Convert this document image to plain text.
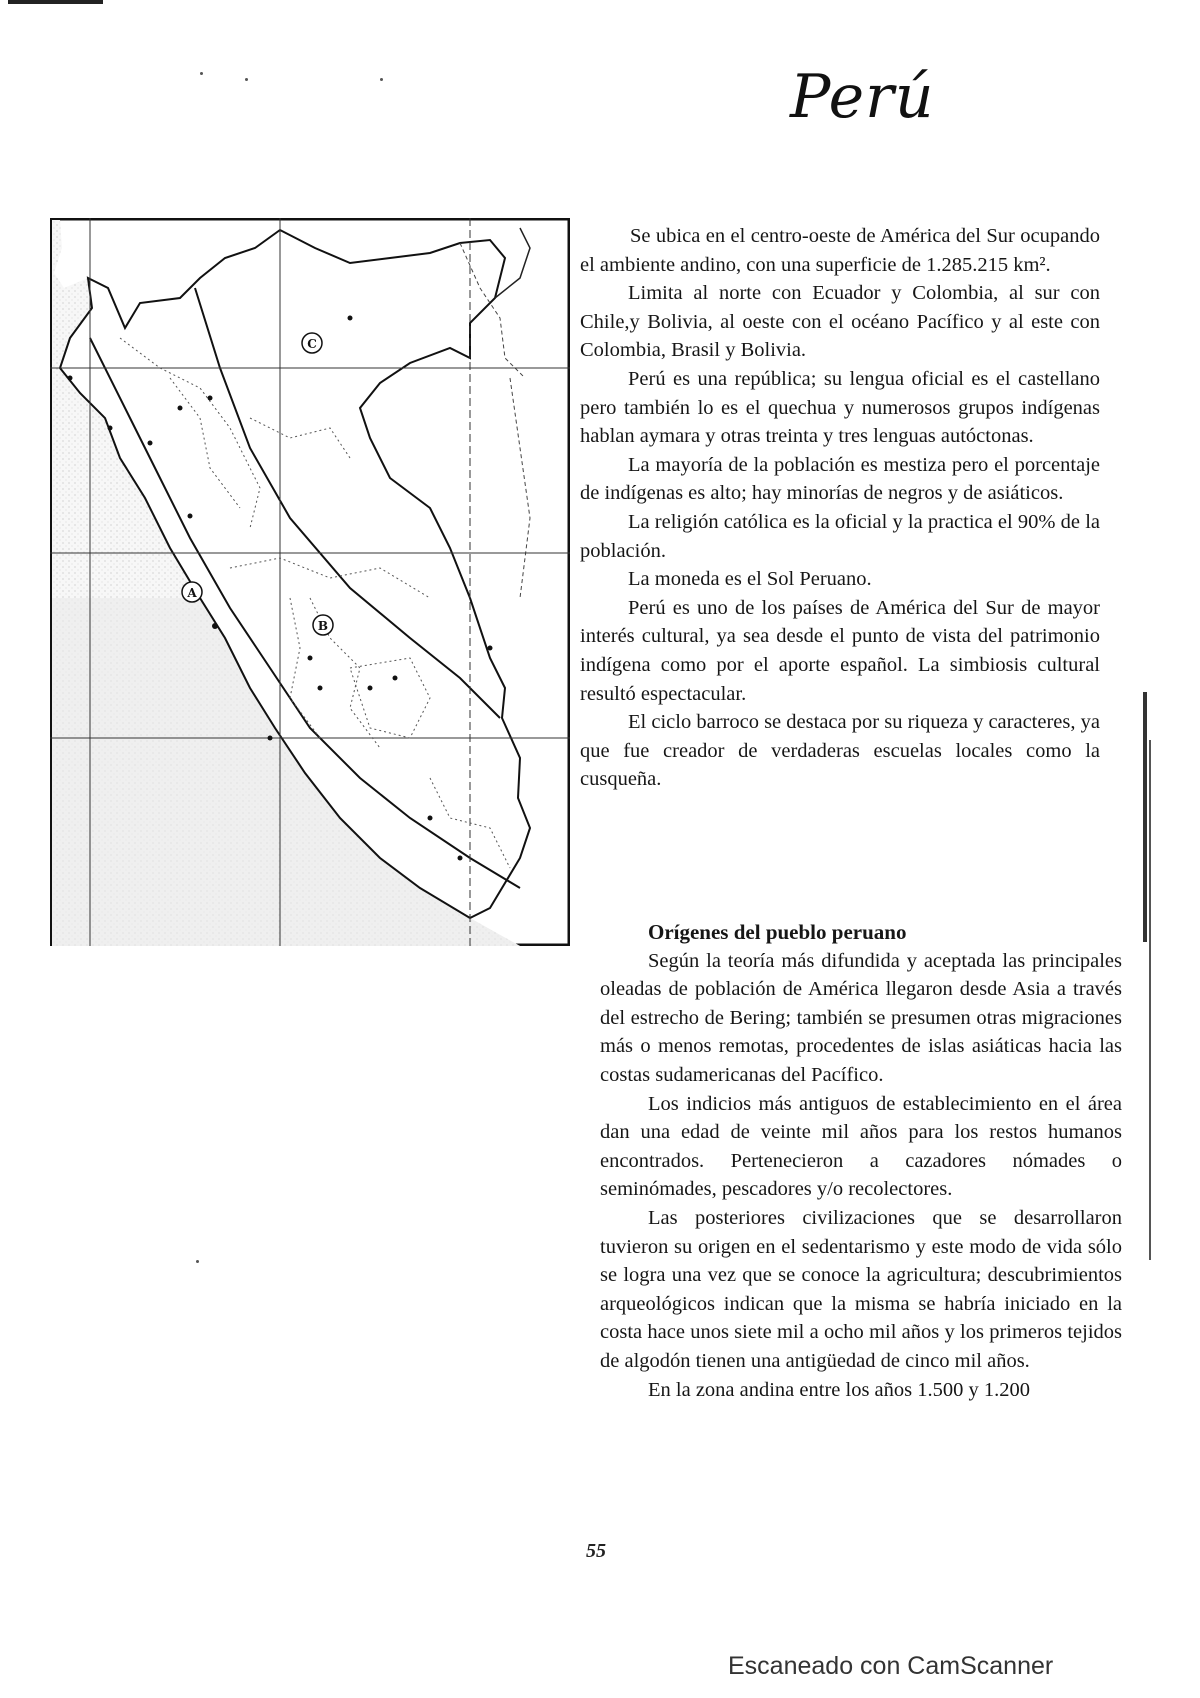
Perú
A
B
C

Se ubica en el centro-oeste de América del Sur ocupando el ambiente andino, con una superficie de 1.285.215 km².

Limita al norte con Ecuador y Colombia, al sur con Chile,y Bolivia, al oeste con el océano Pacífico y al este con Colombia, Brasil y Bolivia.

Perú es una república; su lengua oficial es el castellano pero también lo es el quechua y numerosos grupos indígenas hablan aymara y otras treinta y tres lenguas autóctonas.

La mayoría de la población es mestiza pero el porcentaje de indígenas es alto; hay minorías de negros y de asiáticos.

La religión católica es la oficial y la practica el 90% de la población.

La moneda es el Sol Peruano.

Perú es uno de los países de América del Sur de mayor interés cultural, ya sea desde el punto de vista del patrimonio indígena como por el aporte español. La simbiosis cultural resultó espectacular.

El ciclo barroco se destaca por su riqueza y caracteres, ya que fue creador de verdaderas escuelas locales como la cusqueña.

Orígenes del pueblo peruano

Según la teoría más difundida y aceptada las principales oleadas de población de América llegaron desde Asia a través del estrecho de Bering; también se presumen otras migraciones más o menos remotas, procedentes de islas asiáticas hacia las costas sudamericanas del Pacífico.

Los indicios más antiguos de establecimiento en el área dan una edad de veinte mil años para los restos humanos encontrados. Pertenecieron a cazadores nómades o seminómades, pescadores y/o recolectores.

Las posteriores civilizaciones que se desarrollaron tuvieron su origen en el sedentarismo y este modo de vida sólo se logra una vez que se conoce la agricultura; descubrimientos arqueológicos indican que la misma se habría iniciado en la costa hace unos siete mil a ocho mil años y los primeros tejidos de algodón tienen una antigüedad de cinco mil años.

En la zona andina entre los años 1.500 y 1.200

55
Escaneado con CamScanner
